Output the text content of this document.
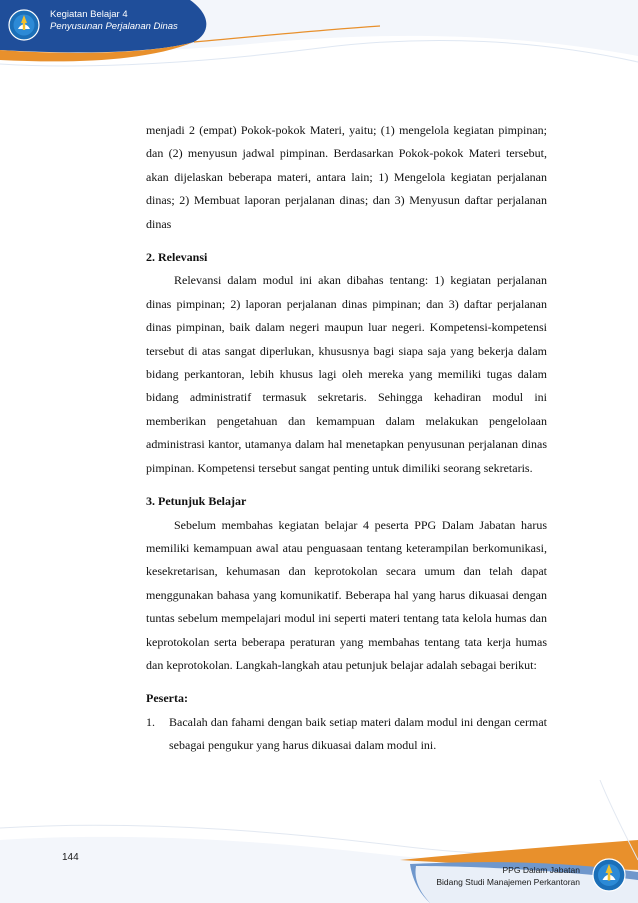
Kegiatan Belajar 4
Penyusunan Perjalanan Dinas

menjadi 2 (empat) Pokok-pokok Materi, yaitu; (1) mengelola kegiatan pimpinan; dan (2) menyusun jadwal pimpinan. Berdasarkan Pokok-pokok Materi tersebut, akan dijelaskan beberapa materi, antara lain; 1) Mengelola kegiatan perjalanan dinas; 2) Membuat laporan perjalanan dinas; dan 3) Menyusun daftar perjalanan dinas

2. Relevansi

Relevansi dalam modul ini akan dibahas tentang: 1) kegiatan perjalanan dinas pimpinan; 2) laporan perjalanan dinas pimpinan; dan 3) daftar perjalanan dinas pimpinan, baik dalam negeri maupun luar negeri. Kompetensi-kompetensi tersebut di atas sangat diperlukan, khususnya bagi siapa saja yang bekerja dalam bidang perkantoran, lebih khusus lagi oleh mereka yang memiliki tugas dalam bidang administratif termasuk sekretaris. Sehingga kehadiran modul ini memberikan pengetahuan dan kemampuan dalam melakukan pengelolaan administrasi kantor, utamanya dalam hal menetapkan penyusunan perjalanan dinas pimpinan. Kompetensi tersebut sangat penting untuk dimiliki seorang sekretaris.

3. Petunjuk Belajar

Sebelum membahas kegiatan belajar 4 peserta PPG Dalam Jabatan harus memiliki kemampuan awal atau penguasaan tentang keterampilan berkomunikasi, kesekretarisan, kehumasan dan keprotokolan secara umum dan telah dapat menggunakan bahasa yang komunikatif. Beberapa hal yang harus dikuasai dengan tuntas sebelum mempelajari modul ini seperti materi tentang tata kelola humas dan keprotokolan serta beberapa peraturan yang membahas tentang tata kerja humas dan keprotokolan. Langkah-langkah atau petunjuk belajar adalah sebagai berikut:

Peserta:

1. Bacalah dan fahami dengan baik setiap materi dalam modul ini dengan cermat sebagai pengukur yang harus dikuasai dalam modul ini.

144
PPG Dalam Jabatan
Bidang Studi Manajemen Perkantoran
